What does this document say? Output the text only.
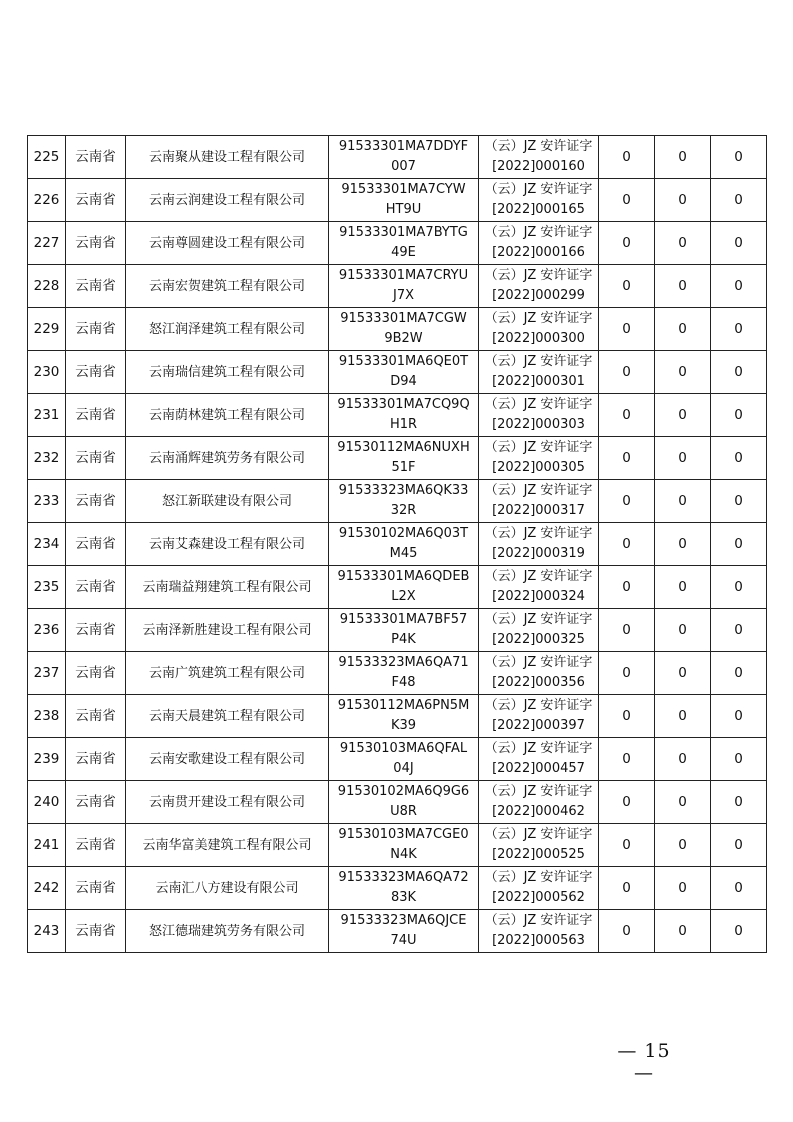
225	云南省	云南聚从建设工程有限公司	91533301MA7DDYF
007	（云）JZ 安许证字
[2022]000160	0	0	0

226	云南省	云南云润建设工程有限公司	91533301MA7CYW
HT9U	（云）JZ 安许证字
[2022]000165	0	0	0

227	云南省	云南尊圆建设工程有限公司	91533301MA7BYTG
49E	（云）JZ 安许证字
[2022]000166	0	0	0

228	云南省	云南宏贺建筑工程有限公司	91533301MA7CRYU
J7X	（云）JZ 安许证字
[2022]000299	0	0	0

229	云南省	怒江润泽建筑工程有限公司	91533301MA7CGW
9B2W	（云）JZ 安许证字
[2022]000300	0	0	0

230	云南省	云南瑞信建筑工程有限公司	91533301MA6QE0T
D94	（云）JZ 安许证字
[2022]000301	0	0	0

231	云南省	云南荫林建筑工程有限公司	91533301MA7CQ9Q
H1R	（云）JZ 安许证字
[2022]000303	0	0	0

232	云南省	云南涌辉建筑劳务有限公司	91530112MA6NUXH
51F	（云）JZ 安许证字
[2022]000305	0	0	0

233	云南省	怒江新联建设有限公司	91533323MA6QK33
32R	（云）JZ 安许证字
[2022]000317	0	0	0

234	云南省	云南艾森建设工程有限公司	91530102MA6Q03T
M45	（云）JZ 安许证字
[2022]000319	0	0	0

235	云南省	云南瑞益翔建筑工程有限公司	91533301MA6QDEB
L2X	（云）JZ 安许证字
[2022]000324	0	0	0

236	云南省	云南泽新胜建设工程有限公司	91533301MA7BF57
P4K	（云）JZ 安许证字
[2022]000325	0	0	0

237	云南省	云南广筑建筑工程有限公司	91533323MA6QA71
F48	（云）JZ 安许证字
[2022]000356	0	0	0

238	云南省	云南天晨建筑工程有限公司	91530112MA6PN5M
K39	（云）JZ 安许证字
[2022]000397	0	0	0

239	云南省	云南安歌建设工程有限公司	91530103MA6QFAL
04J	（云）JZ 安许证字
[2022]000457	0	0	0

240	云南省	云南贯开建设工程有限公司	91530102MA6Q9G6
U8R	（云）JZ 安许证字
[2022]000462	0	0	0

241	云南省	云南华富美建筑工程有限公司	91530103MA7CGE0
N4K	（云）JZ 安许证字
[2022]000525	0	0	0

242	云南省	云南汇八方建设有限公司	91533323MA6QA72
83K	（云）JZ 安许证字
[2022]000562	0	0	0

243	云南省	怒江德瑞建筑劳务有限公司	91533323MA6QJCE
74U	（云）JZ 安许证字
[2022]000563	0	0	0
— 15 —
